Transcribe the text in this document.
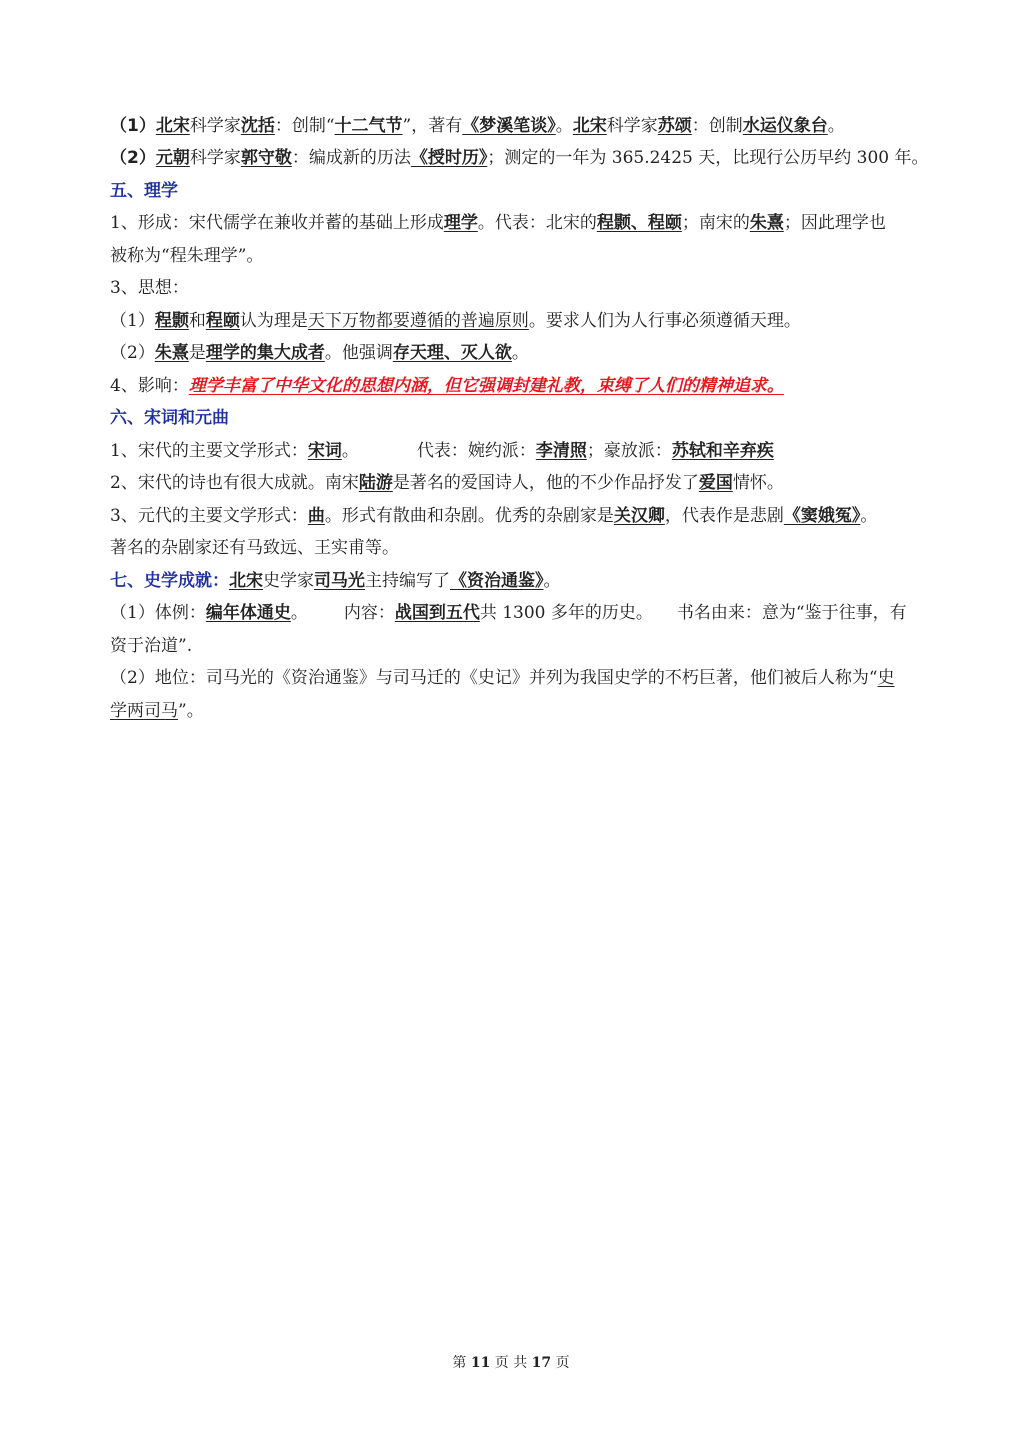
（1）北宋科学家沈括：创制“十二气节”，著有《梦溪笔谈》。北宋科学家苏颂：创制水运仪象台。
（2）元朝科学家郭守敬：编成新的历法《授时历》；测定的一年为 365.2425 天，比现行公历早约 300 年。
五、理学
1、形成：宋代儒学在兼收并蓄的基础上形成理学。代表：北宋的程颢、程颐；南宋的朱熹；因此理学也
被称为“程朱理学”。
3、思想：
（1）程颢和程颐认为理是天下万物都要遵循的普遍原则。要求人们为人行事必须遵循天理。
（2）朱熹是理学的集大成者。他强调存天理、灭人欲。
4、影响：理学丰富了中华文化的思想内涵，但它强调封建礼教，束缚了人们的精神追求。
六、宋词和元曲
1、宋代的主要文学形式：宋词。	代表：婉约派：李清照；豪放派：苏轼和辛弃疾
2、宋代的诗也有很大成就。南宋陆游是著名的爱国诗人，他的不少作品抒发了爱国情怀。
3、元代的主要文学形式：曲。形式有散曲和杂剧。优秀的杂剧家是关汉卿，代表作是悲剧《窦娥冤》。
著名的杂剧家还有马致远、王实甫等。
七、史学成就：北宋史学家司马光主持编写了《资治通鉴》。
（1）体例：编年体通史。 内容：战国到五代共 1300 多年的历史。 书名由来：意为“鉴于往事，有
资于治道”.
（2）地位：司马光的《资治通鉴》与司马迁的《史记》并列为我国史学的不朽巨著，他们被后人称为“史
学两司马”。
第 11 页 共 17 页
